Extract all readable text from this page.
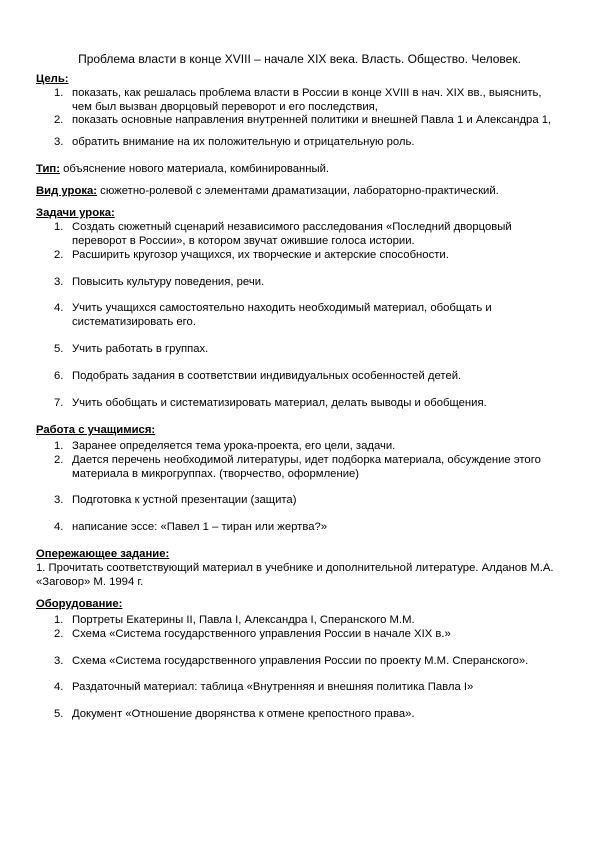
Проблема власти в конце XVIII – начале XIX века. Власть. Общество. Человек.

Цель:

1. показать, как решалась проблема власти в России в конце XVIII в нач. XIX вв., выяснить, чем был вызван дворцовый переворот и его последствия,
2. показать основные направления внутренней политики и внешней Павла 1 и Александра 1,
3. обратить внимание на их положительную и отрицательную роль.

Тип: объяснение нового материала, комбинированный.

Вид урока: сюжетно-ролевой с элементами драматизации, лабораторно-практический.

Задачи урока:

1. Создать сюжетный сценарий независимого расследования «Последний дворцовый переворот в России», в котором звучат ожившие голоса истории.
2. Расширить кругозор учащихся, их творческие и актерские способности.
3. Повысить культуру поведения, речи.
4. Учить учащихся самостоятельно находить необходимый материал, обобщать и систематизировать его.
5. Учить работать в группах.
6. Подобрать задания в соответствии индивидуальных особенностей детей.
7. Учить обобщать и систематизировать материал, делать выводы и обобщения.

Работа с учащимися:

1. Заранее определяется тема урока-проекта, его цели, задачи.
2. Дается перечень необходимой литературы, идет подборка материала, обсуждение этого материала в микрогруппах. (творчество, оформление)
3. Подготовка к устной презентации (защита)
4. написание эссе: «Павел 1 – тиран или жертва?»

Опережающее задание:

1. Прочитать соответствующий материал в учебнике и дополнительной литературе. Алданов М.А. «Заговор» М. 1994 г.

Оборудование:

1. Портреты Екатерины II, Павла I, Александра I, Сперанского М.М.
2. Схема «Система государственного управления России в начале XIX в.»
3. Схема «Система государственного управления России по проекту М.М. Сперанского».
4. Раздаточный материал: таблица «Внутренняя и внешняя политика Павла I»
5. Документ «Отношение дворянства к отмене крепостного права».
